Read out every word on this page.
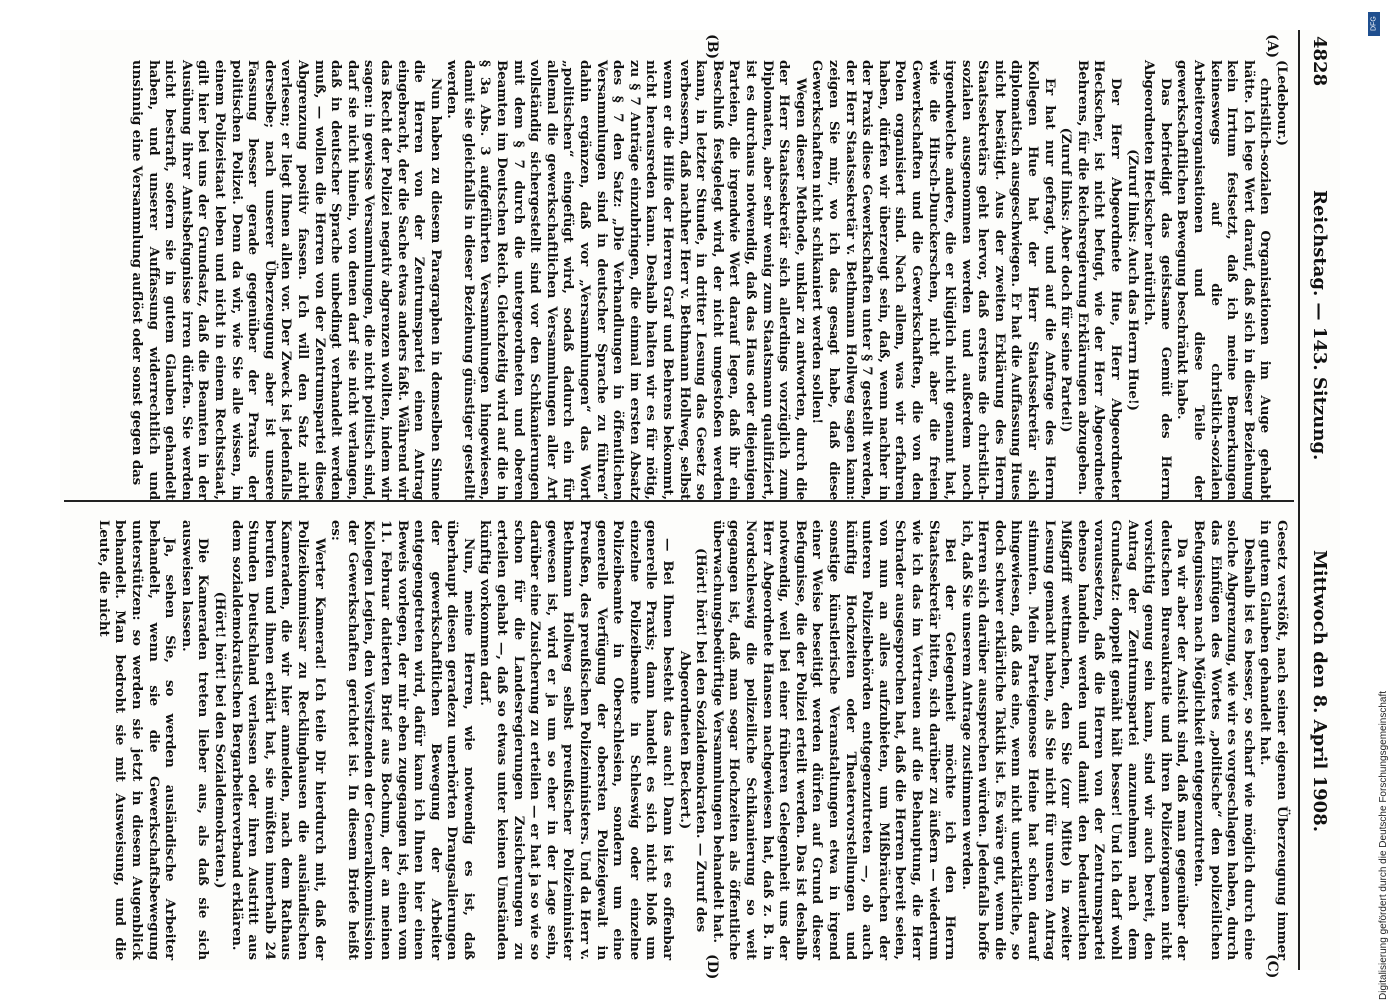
4828
Reichstag. — 143. Sitzung.
Mittwoch den 8. April 1908.
(A)
(B)
(C)
(D)

(Ledebour.)

christlich-sozialen Organisationen im Auge gehabt hätte. Ich lege Wert darauf, daß sich in dieser Beziehung kein Irrtum festsetzt, daß ich meine Bemerkungen keineswegs auf die christlich-sozialen Arbeiterorganisationen und diese Teile der gewerkschaftlichen Bewegung beschränkt habe.

Das befriedigt das geistsame Gemüt des Herrn Abgeordneten Heckscher natürlich.

(Zuruf links: Auch das Herrn Hue!)

Der Herr Abgeordnete Hue, Herr Abgeordneter Heckscher, ist nicht befugt, wie der Herr Abgeordnete Behrens, für die Reichsregierung Erklärungen abzugeben.

(Zuruf links: Aber doch für seine Partei!)

Er hat nur gefragt, und auf die Anfrage des Herrn Kollegen Hue hat der Herr Staatssekretär sich diplomatisch ausgeschwiegen. Er hat die Auffassung Hues nicht bestätigt. Aus der zweiten Erklärung des Herrn Staatssekretärs geht hervor, daß erstens die christlich-sozialen ausgenommen werden und außerdem noch irgendwelche andere, die er klüglich nicht genannt hat, wie die Hirsch-Dunckerschen, nicht aber die freien Gewerkschaften und die Gewerkschaften, die von den Polen organisiert sind. Nach allem, was wir erfahren haben, dürfen wir überzeugt sein, daß, wenn nachher in der Praxis diese Gewerkschaften unter § 7 gestellt werden, der Herr Staatssekretär v. Bethmann Hollweg sagen kann: zeigen Sie mir, wo ich das gesagt habe, daß diese Gewerkschaften nicht schikaniert werden sollen!

Wegen dieser Methode, unklar zu antworten, durch die der Herr Staatssekretär sich allerdings vorzüglich zum Diplomaten, aber sehr wenig zum Staatsmann qualifiziert, ist es durchaus notwendig, daß das Haus oder diejenigen Parteien, die irgendwie Wert darauf legen, daß ihr ein Beschluß festgelegt wird, der nicht umgestoßen werden kann, in letzter Stunde, in dritter Lesung das Gesetz so verbessern, daß nachher Herr v. Bethmann Hollweg, selbst wenn er die Hilfe der Herren Graf und Behrens bekommt, nicht herausreden kann. Deshalb halten wir es für nötig, zu § 7 Anträge einzubringen, die einmal im ersten Absatz des § 7 den Satz: „Die Verhandlungen in öffentlichen Versammlungen sind in deutscher Sprache zu führen“ dahin ergänzen, daß vor „Versammlungen“ das Wort „politischen“ eingefügt wird, sodaß dadurch ein für allemal die gewerkschaftlichen Versammlungen aller Art vollständig sichergestellt sind vor den Schikanierungen mit dem § 7 durch die untergeordneten und oberen Beamten im Deutschen Reich. Gleichzeitig wird auf die in § 3a Abs. 3 aufgeführten Versammlungen hingewiesen, damit sie gleichfalls in dieser Beziehung günstiger gestellt werden.

Nun haben zu diesem Paragraphen in demselben Sinne die Herren von der Zentrumspartei einen Antrag eingebracht, der die Sache etwas anders faßt. Während wir das Recht der Polizei negativ abgrenzen wollten, indem wir sagen: in gewisse Versammlungen, die nicht politisch sind, darf sie nicht hinein, von denen darf sie nicht verlangen, daß in deutscher Sprache unbedingt verhandelt werden muß, — wollen die Herren von der Zentrumspartei diese Abgrenzung positiv fassen. Ich will den Satz nicht verlesen; er liegt Ihnen allen vor. Der Zweck ist jedenfalls derselbe; nach unserer Überzeugung aber ist unsere Fassung besser gerade gegenüber der Praxis der politischen Polizei. Denn da wir, wie Sie alle wissen, in einem Polizeistaat leben und nicht in einem Rechtsstaat, gilt hier bei uns der Grundsatz, daß die Beamten in der Ausübung ihrer Amtsbefugnisse irren dürfen. Sie werden nicht bestraft, sofern sie in gutem Glauben gehandelt haben, und unserer Auffassung widerrechtlich und unsinnig eine Versammlung auflöst oder sonst gegen das

Gesetz verstößt, nach seiner eigenen Überzeugung immer in gutem Glauben gehandelt hat.

Deshalb ist es besser, so scharf wie möglich durch eine solche Abgrenzung, wie wir es vorgeschlagen haben, durch das Einfügen des Wortes „politische“ den polizeilichen Befugnissen nach Möglichkeit entgegenzutreten.

Da wir aber der Ansicht sind, daß man gegenüber der deutschen Bureaukratie und ihren Polizeiorganen nicht vorsichtig genug sein kann, sind wir auch bereit, den Antrag der Zentrumspartei anzunehmen nach dem Grundsatz: doppelt genäht hält besser! Und ich darf wohl voraussetzen, daß die Herren von der Zentrumspartei ebenso handeln werden und damit den bedauerlichen Mißgriff wettmachen, den Sie (zur Mitte) in zweiter Lesung gemacht haben, als Sie nicht für unseren Antrag stimmten. Mein Parteigenosse Heine hat schon darauf hingewiesen, daß das eine, wenn nicht unerklärliche, so doch schwer erklärliche Taktik ist. Es wäre gut, wenn die Herren sich darüber aussprechen würden. Jedenfalls hoffe ich, daß Sie unserem Antrage zustimmen werden.

Bei der Gelegenheit möchte ich den Herrn Staatssekretär bitten, sich darüber zu äußern — wiederum wie ich das im Vertrauen auf die Behauptung, die Herr Schrader ausgesprochen hat, daß die Herren bereit seien, von nun an alles aufzubieten, um Mißbräuchen der unteren Polizeibehörden entgegenzutreten —, ob auch künftig Hochzeiten oder Theatervorstellungen und sonstige künstlerische Veranstaltungen etwa in irgend einer Weise beseitigt werden dürfen auf Grund dieser Befugnisse, die der Polizei erteilt werden. Das ist deshalb notwendig, weil bei einer früheren Gelegenheit uns der Herr Abgeordnete Hansen nachgewiesen hat, daß z. B. in Nordschleswig die polizeiliche Schikanierung so weit gegangen ist, daß man sogar Hochzeiten als öffentliche überwachungsbedürftige Versammlungen behandelt hat.

(Hört! hört! bei den Sozialdemokraten. — Zuruf des Abgeordneten Beckert.)

— Bei Ihnen besteht das auch! Dann ist es offenbar generelle Praxis; dann handelt es sich nicht bloß um einzelne Polizeibeamte in Schleswig oder einzelne Polizeibeamte in Oberschlesien, sondern um eine generelle Verfügung der obersten Polizeigewalt in Preußen, des preußischen Polizeiministers. Und da Herr v. Bethmann Hollweg selbst preußischer Polizeiminister gewesen ist, wird er ja um so eher in der Lage sein, darüber eine Zusicherung zu erteilen — er hat ja so wie so schon für die Landesregierungen Zusicherungen zu erteilen gehabt —, daß so etwas unter keinen Umständen künftig vorkommen darf.

Nun, meine Herren, wie notwendig es ist, daß überhaupt diesen geradezu unerhörten Drangsalierungen der gewerkschaftlichen Bewegung der Arbeiter entgegengetreten wird, dafür kann ich Ihnen hier einen Beweis vorlegen, der mir eben zugegangen ist, einen vom 11. Februar datierten Brief aus Bochum, der an meinen Kollegen Legien, den Vorsitzenden der Generalkommission der Gewerkschaften gerichtet ist. In diesem Briefe heißt es:

Werter Kamerad! Ich teile Dir hierdurch mit, daß der Polizeikommissar zu Recklinghausen die ausländischen Kameraden, die wir hier anmelden, nach dem Rathaus berufen und ihnen erklärt hat, sie müßten innerhalb 24 Stunden Deutschland verlassen oder ihren Austritt aus dem sozialdemokratischen Bergarbeiterverband erklären.

(Hört! hört! bei den Sozialdemokraten.)

Die Kameraden treten lieber aus, als daß sie sich ausweisen lassen.

Ja, sehen Sie, so werden ausländische Arbeiter behandelt, wenn sie die Gewerkschaftsbewegung unterstützen: so werden sie jetzt in diesem Augenblick behandelt. Man bedroht sie mit Ausweisung, und die Leute, die nicht

DFG
Digitalisierung gefördert durch die Deutsche Forschungsgemeinschaft
